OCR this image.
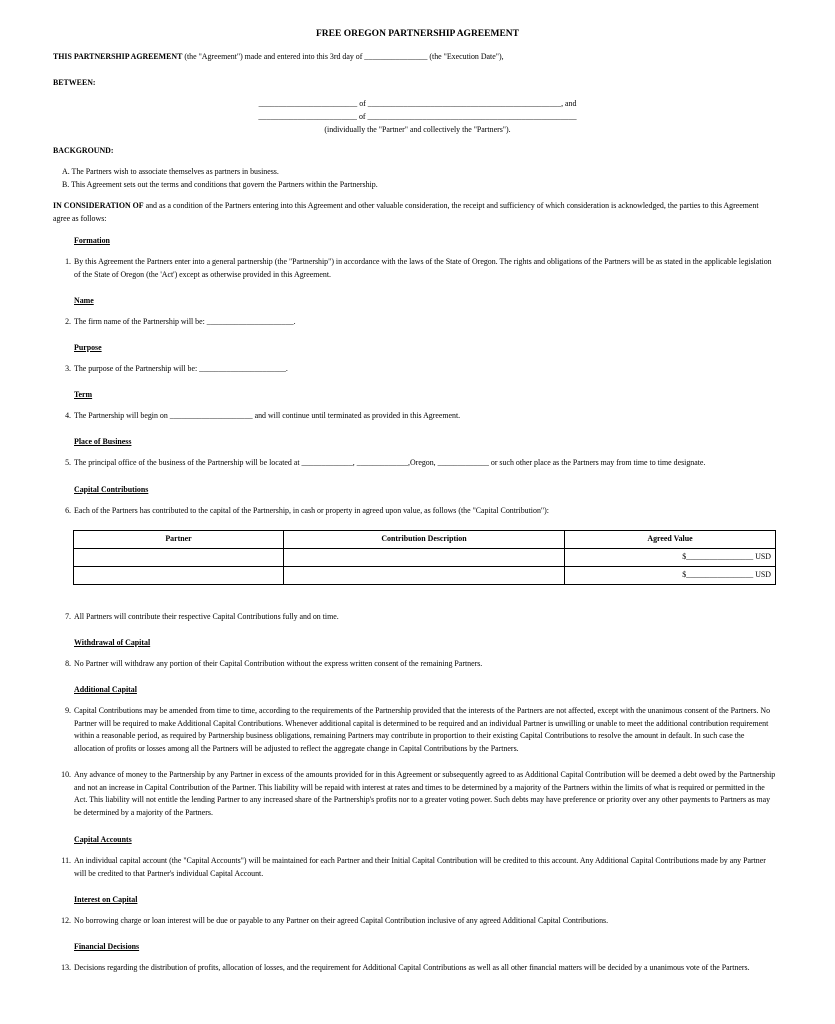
FREE OREGON PARTNERSHIP AGREEMENT
THIS PARTNERSHIP AGREEMENT (the "Agreement") made and entered into this 3rd day of ________________ (the "Execution Date"),
BETWEEN:
_________________________ of _________________________________________________, and
_________________________ of _____________________________________________________
(individually the "Partner" and collectively the "Partners").
BACKGROUND:
A. The Partners wish to associate themselves as partners in business.
B. This Agreement sets out the terms and conditions that govern the Partners within the Partnership.
IN CONSIDERATION OF and as a condition of the Partners entering into this Agreement and other valuable consideration, the receipt and sufficiency of which consideration is acknowledged, the parties to this Agreement agree as follows:
Formation
1. By this Agreement the Partners enter into a general partnership (the "Partnership") in accordance with the laws of the State of Oregon. The rights and obligations of the Partners will be as stated in the applicable legislation of the State of Oregon (the 'Act') except as otherwise provided in this Agreement.
Name
2. The firm name of the Partnership will be: ______________________.
Purpose
3. The purpose of the Partnership will be: ______________________.
Term
4. The Partnership will begin on _____________________ and will continue until terminated as provided in this Agreement.
Place of Business
5. The principal office of the business of the Partnership will be located at _____________, _____________,Oregon, _____________ or such other place as the Partners may from time to time designate.
Capital Contributions
6. Each of the Partners has contributed to the capital of the Partnership, in cash or property in agreed upon value, as follows (the "Capital Contribution"):
Partner	Contribution Description	Agreed Value
		$_________________ USD
		$_________________ USD
7. All Partners will contribute their respective Capital Contributions fully and on time.
Withdrawal of Capital
8. No Partner will withdraw any portion of their Capital Contribution without the express written consent of the remaining Partners.
Additional Capital
9. Capital Contributions may be amended from time to time, according to the requirements of the Partnership provided that the interests of the Partners are not affected, except with the unanimous consent of the Partners. No Partner will be required to make Additional Capital Contributions. Whenever additional capital is determined to be required and an individual Partner is unwilling or unable to meet the additional contribution requirement within a reasonable period, as required by Partnership business obligations, remaining Partners may contribute in proportion to their existing Capital Contributions to resolve the amount in default. In such case the allocation of profits or losses among all the Partners will be adjusted to reflect the aggregate change in Capital Contributions by the Partners.
10. Any advance of money to the Partnership by any Partner in excess of the amounts provided for in this Agreement or subsequently agreed to as Additional Capital Contribution will be deemed a debt owed by the Partnership and not an increase in Capital Contribution of the Partner. This liability will be repaid with interest at rates and times to be determined by a majority of the Partners within the limits of what is required or permitted in the Act. This liability will not entitle the lending Partner to any increased share of the Partnership's profits nor to a greater voting power. Such debts may have preference or priority over any other payments to Partners as may be determined by a majority of the Partners.
Capital Accounts
11. An individual capital account (the "Capital Accounts") will be maintained for each Partner and their Initial Capital Contribution will be credited to this account. Any Additional Capital Contributions made by any Partner will be credited to that Partner's individual Capital Account.
Interest on Capital
12. No borrowing charge or loan interest will be due or payable to any Partner on their agreed Capital Contribution inclusive of any agreed Additional Capital Contributions.
Financial Decisions
13. Decisions regarding the distribution of profits, allocation of losses, and the requirement for Additional Capital Contributions as well as all other financial matters will be decided by a unanimous vote of the Partners.
